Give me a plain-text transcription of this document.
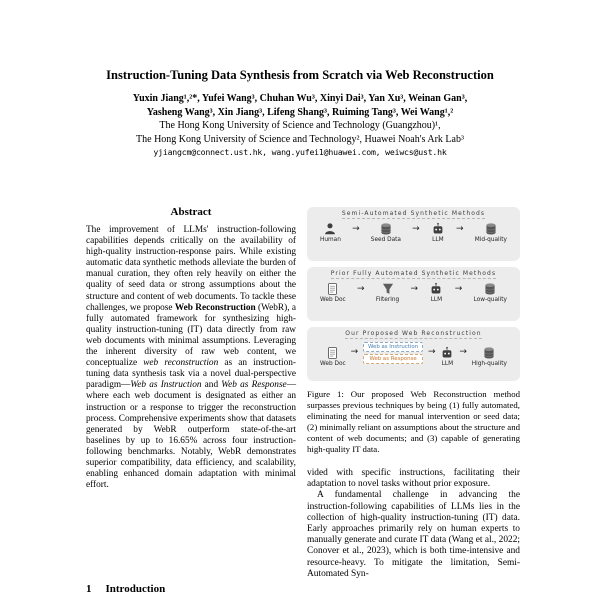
Instruction-Tuning Data Synthesis from Scratch via Web Reconstruction
Yuxin Jiang¹,²*, Yufei Wang³, Chuhan Wu³, Xinyi Dai³, Yan Xu³, Weinan Gan³,
Yasheng Wang³, Xin Jiang³, Lifeng Shang³, Ruiming Tang³, Wei Wang¹,²
The Hong Kong University of Science and Technology (Guangzhou)¹,
The Hong Kong University of Science and Technology², Huawei Noah's Ark Lab³
yjiangcm@connect.ust.hk, wang.yufei1@huawei.com, weiwcs@ust.hk
Abstract
The improvement of LLMs' instruction-following capabilities depends critically on the availability of high-quality instruction-response pairs. While existing automatic data synthetic methods alleviate the burden of manual curation, they often rely heavily on either the quality of seed data or strong assumptions about the structure and content of web documents. To tackle these challenges, we propose Web Reconstruction (WebR), a fully automated framework for synthesizing high-quality instruction-tuning (IT) data directly from raw web documents with minimal assumptions. Leveraging the inherent diversity of raw web content, we conceptualize web reconstruction as an instruction-tuning data synthesis task via a novel dual-perspective paradigm—Web as Instruction and Web as Response—where each web document is designated as either an instruction or a response to trigger the reconstruction process. Comprehensive experiments show that datasets generated by WebR outperform state-of-the-art baselines by up to 16.65% across four instruction-following benchmarks. Notably, WebR demonstrates superior compatibility, data efficiency, and scalability, enabling enhanced domain adaptation with minimal effort.
1 Introduction
Semi-Automated Synthetic Methods
Human
→
Seed Data
→
LLM
→
Mid-quality
Prior Fully Automated Synthetic Methods
Web Doc
→
Filtering
→
LLM
→
Low-quality
Our Proposed Web Reconstruction
Web Doc
→	Web as Instruction
Web as Response
→
LLM
→
High-quality
Figure 1: Our proposed Web Reconstruction method surpasses previous techniques by being (1) fully automated, eliminating the need for manual intervention or seed data; (2) minimally reliant on assumptions about the structure and content of web documents; and (3) capable of generating high-quality IT data.

vided with specific instructions, facilitating their adaptation to novel tasks without prior exposure.

A fundamental challenge in advancing the instruction-following capabilities of LLMs lies in the collection of high-quality instruction-tuning (IT) data. Early approaches primarily rely on human experts to manually generate and curate IT data (Wang et al., 2022; Conover et al., 2023), which is both time-intensive and resource-heavy. To mitigate the limitation, Semi-Automated Syn-
